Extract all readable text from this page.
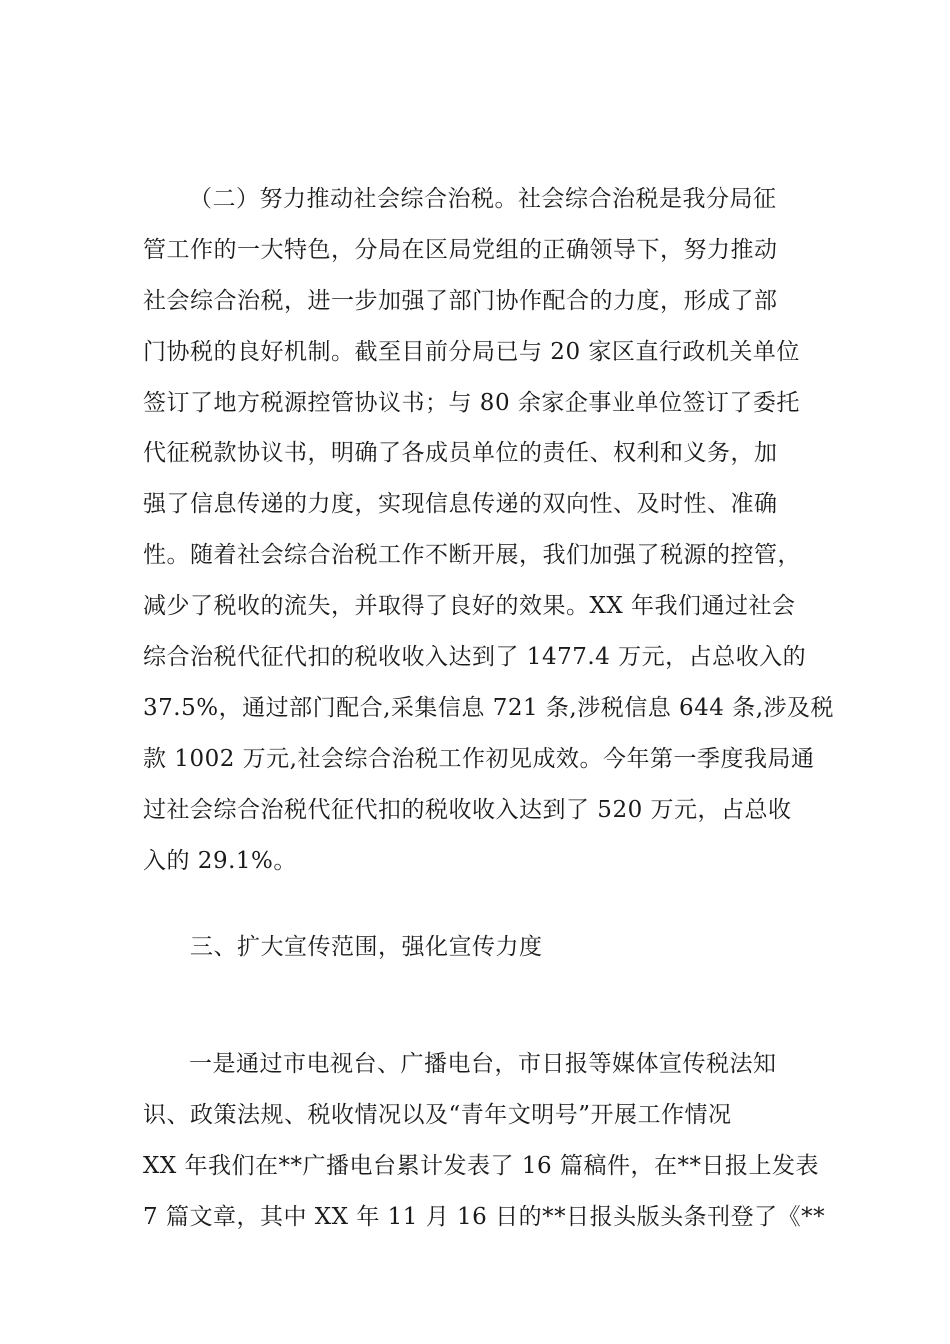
（二）努力推动社会综合治税。社会综合治税是我分局征
管工作的一大特色，分局在区局党组的正确领导下，努力推动
社会综合治税，进一步加强了部门协作配合的力度，形成了部
门协税的良好机制。截至目前分局已与 20 家区直行政机关单位
签订了地方税源控管协议书；与 80 余家企事业单位签订了委托
代征税款协议书，明确了各成员单位的责任、权利和义务，加
强了信息传递的力度，实现信息传递的双向性、及时性、准确
性。随着社会综合治税工作不断开展，我们加强了税源的控管，
减少了税收的流失，并取得了良好的效果。XX 年我们通过社会
综合治税代征代扣的税收收入达到了 1477.4 万元，占总收入的
37.5%，通过部门配合,采集信息 721 条,涉税信息 644 条,涉及税
款 1002 万元,社会综合治税工作初见成效。今年第一季度我局通
过社会综合治税代征代扣的税收收入达到了 520 万元，占总收
入的 29.1%。
三、扩大宣传范围，强化宣传力度
一是通过市电视台、广播电台，市日报等媒体宣传税法知
识、政策法规、税收情况以及“青年文明号”开展工作情况
XX 年我们在**广播电台累计发表了 16 篇稿件，在**日报上发表
7 篇文章，其中 XX 年 11 月 16 日的**日报头版头条刊登了《**
